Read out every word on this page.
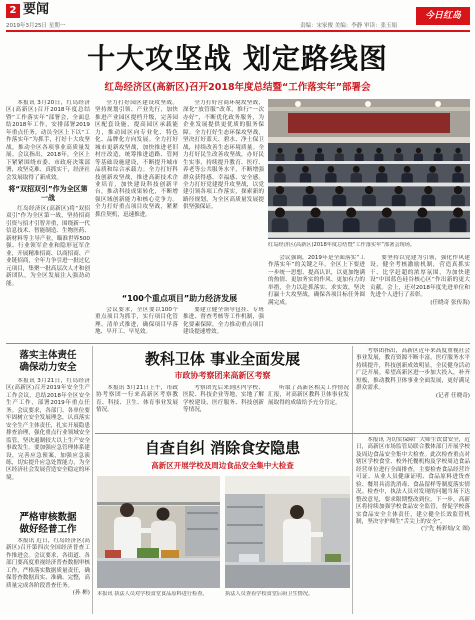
2 要闻
2019年3月25日 星期一	责编：宋家俊 美编：李静 审读：张玉娟
今日红岛
十大攻坚战 划定路线图
红岛经济区(高新区)召开2018年度总结暨“工作落实年”部署会

本报讯 3月20日，红岛经济区(高新区)召开2018年度总结暨“工作落实年”部署会，全面总结2018年工作，安排部署2019年重点任务，动员全区上下以“工作落实年”为抓手，打好十大攻坚战，推动全区各项事业高质量发展。会议指出，2018年，全区上下紧紧围绕市委、市政府决策部署，攻坚克难、真抓实干，经济社会发展取得了新成效。

将“双招双引”作为全区第一战

红岛经济区(高新区)将“双招双引”作为全区第一战，坚持招商引资与招才引智并重，围绕新一代信息技术、智能制造、生物医药、新材料等主导产业，瞄准世界500强、行业领军企业和隐形冠军企业，开展精准招商、以商招商、产业链招商，全年力争引进一批过亿元项目，集聚一批高层次人才和创新团队，为全区发展注入强劲动能。

全力打好园区建设攻坚战。坚持规划引领、产业先行，加快推进产业园区提档升级，完善园区配套设施，提高园区承载能力，推动园区向专业化、特色化、品牌化方向发展。全力打好城市更新攻坚战，加快推进老旧村庄改造，统筹推进道路、管网等基础设施建设，不断提升城市品质和综合承载力。全力打好科技创新攻坚战，推进高新技术企业培育，加快建设科技创新平台，推动科技成果转化，不断增强区域创新能力和核心竞争力。全力打好重点项目攻坚战，紧紧抓住契机，迅速推进。

全力打好营商环境攻坚战，深化“放管服”改革，推行“一次办好”，不断优化政务服务，为企业发展提供更优质的服务保障。全力打好生态环保攻坚战，坚决打好蓝天、碧水、净土保卫战，持续改善生态环境质量。全力打好民生改善攻坚战，办好民生实事，持续提升教育、医疗、养老等公共服务水平，不断增强群众获得感、幸福感、安全感。全力打好党建提升攻坚战，以党建引领各项工作落实，探索新的路径规划，为全区高质量发展提供坚强保证。

红岛经济区(高新区)2018年度总结暨“工作落实年”部署会现场。
“100个重点项目”助力经济发展

会议要求，全区要以100个重点项目为抓手，实行项目化管理、清单式推进，确保项目早落地、早开工、早见效。

要建立健全领导包挂、专班推进、督查考核等工作机制，强化要素保障，全力推动重点项目建设提速增效。

会议强调，2019年是全面落实“工作落实年”的关键之年，全区上下要进一步统一思想、提高认识，以更加饱满的热情、更加务实的作风、更加有力的举措，全力以赴抓落实、求实效，坚决打赢十大攻坚战，确保各项目标任务圆满完成。

要坚持以党建为引领，强化作风建设，健全考核激励机制，营造真抓实干、比学赶超的浓厚氛围，为加快建设“中国蓝色硅谷核心区”作出新的更大贡献。会上，还对2018年度先进单位和先进个人进行了表彰。

(任晓奇 张传海)

落实主体责任
确保动力安全

本报讯 3月21日，红岛经济区(高新区)召开2019年安全生产工作会议，总结2018年全区安全生产工作，部署2019年重点任务。会议要求，各部门、各单位要牢固树立安全发展理念，认真落实安全生产主体责任，扎实开展隐患排查治理，强化重点行业领域安全监管，坚决遏制较大以上生产安全事故发生。要加强应急管理体系建设，完善应急预案，加强应急演练，切实提升应急处置能力，为全区经济社会发展营造安全稳定的环境。

严格审核数据
做好经普工作

本报讯 近日，红岛经济区(高新区)召开第四次全国经济普查工作推进会。会议要求，各街道、各部门要高度重视经济普查数据审核工作，严格落实数据质量责任，确保普查数据真实、准确、完整，高质量完成各阶段普查任务。

(孙 彬)

教科卫体 事业全面发展
市政协考察团来高新区考察

本报讯 3月21日上午，市政协考察团一行来高新区考察教育、科技、卫生、体育事业发展情况。

考察团先后来到区内学校、医院、科技企业等地，实地了解学校建设、医疗服务、科技创新等情况，

听取了高新区相关工作情况汇报，对高新区教科卫体事业发展取得的成绩给予充分肯定。

考察团指出，高新区近年来高度重视社会事业发展，教育资源不断丰富，医疗服务水平持续提升，科技创新成效明显，全民健身活动广泛开展。希望高新区进一步加大投入，补齐短板，推动教科卫体事业全面发展，更好满足群众需求。

(记者 任晓奇)

自查自纠 消除食安隐患
高新区开展学校及周边食品安全集中大检查
本报讯 执法人员对学校食堂食品原料进行检查。	执法人员查看学校食堂后厨卫生情况。

本报讯 为切实保障广大师生饮食安全，近日，高新区市场监管局联合教体部门开展学校及周边食品安全集中大检查。此次检查重点对辖区学校食堂、校外托餐机构及学校周边食品经营单位进行全面排查，主要检查食品经营许可证、从业人员健康证明、食品原料进货查验、餐用具清洗消毒、食品留样等制度落实情况。检查中，执法人员对发现的问题当场下达整改意见，要求限期整改到位。下一步，高新区将持续加强学校食品安全监管，督促学校落实食品安全主体责任，建立健全长效监管机制，坚决守护师生“舌尖上的安全”。

(宁先 杨彩灿/文 图)
